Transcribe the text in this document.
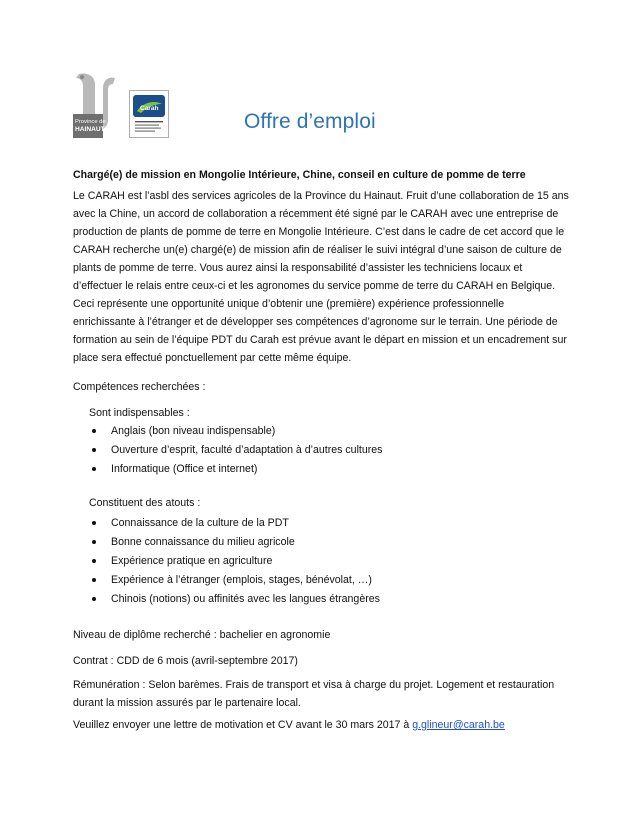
Province de
HAINAUT
Carah
Offre d’emploi
Chargé(e) de mission en Mongolie Intérieure, Chine, conseil en culture de pomme de terre
Le CARAH est l’asbl des services agricoles de la Province du Hainaut. Fruit d’une collaboration de 15 ans
avec la Chine, un accord de collaboration a récemment été signé par le CARAH avec une entreprise de
production de plants de pomme de terre en Mongolie Intérieure. C’est dans le cadre de cet accord que le
CARAH recherche un(e) chargé(e) de mission afin de réaliser le suivi intégral d’une saison de culture de
plants de pomme de terre. Vous aurez ainsi la responsabilité d’assister les techniciens locaux et
d’effectuer le relais entre ceux-ci et les agronomes du service pomme de terre du CARAH en Belgique.
Ceci représente une opportunité unique d’obtenir une (première) expérience professionnelle
enrichissante à l’étranger et de développer ses compétences d’agronome sur le terrain. Une période de
formation au sein de l’équipe PDT du Carah est prévue avant le départ en mission et un encadrement sur
place sera effectué ponctuellement par cette même équipe.
Compétences recherchées :
Sont indispensables :
Anglais (bon niveau indispensable)
Ouverture d’esprit, faculté d’adaptation à d’autres cultures
Informatique (Office et internet)
Constituent des atouts :
Connaissance de la culture de la PDT
Bonne connaissance du milieu agricole
Expérience pratique en agriculture
Expérience à l’étranger (emplois, stages, bénévolat, …)
Chinois (notions) ou affinités avec les langues étrangères
Niveau de diplôme recherché : bachelier en agronomie
Contrat : CDD de 6 mois (avril-septembre 2017)
Rémunération : Selon barèmes. Frais de transport et visa à charge du projet. Logement et restauration
durant la mission assurés par le partenaire local.
Veuillez envoyer une lettre de motivation et CV avant le 30 mars 2017 à g.glineur@carah.be
